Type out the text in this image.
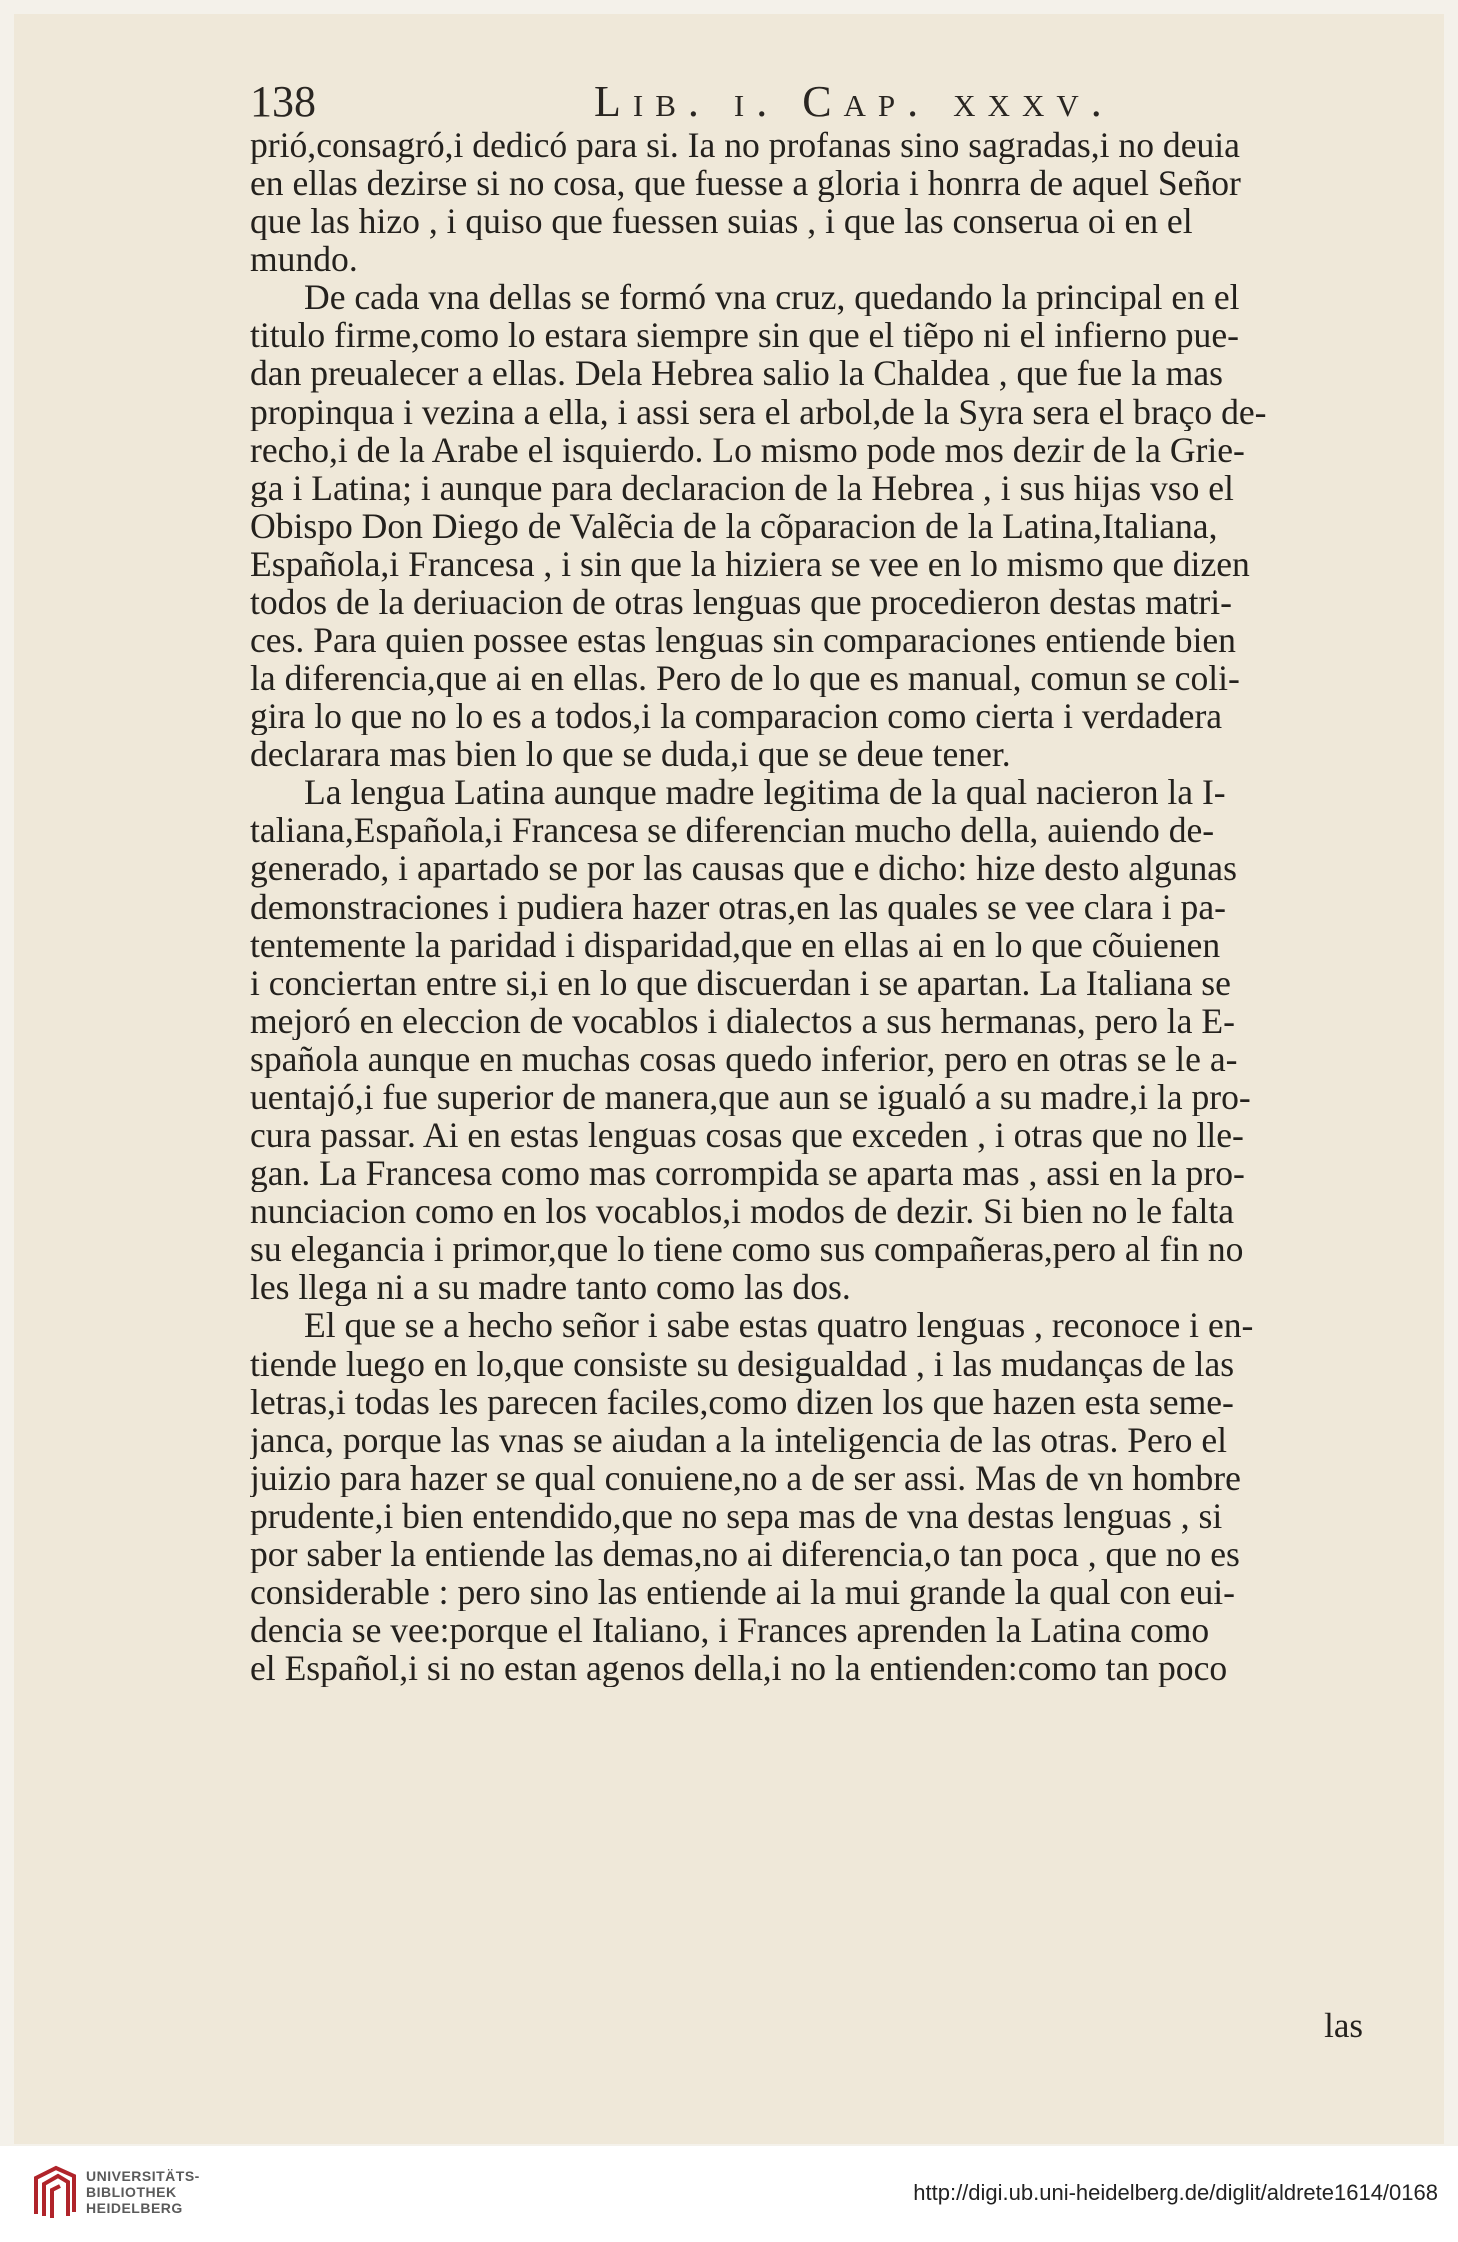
138	Lib. i. Cap. xxxv.
prió,consagró,i dedicó para si. Ia no profanas sino sagradas,i no deuia
en ellas dezirse si no cosa, que fuesse a gloria i honrra de aquel Señor
que las hizo , i quiso que fuessen suias , i que las conserua oi en el
mundo.
De cada vna dellas se formó vna cruz, quedando la principal en el
titulo firme,como lo estara siempre sin que el tiẽpo ni el infierno pue-
dan preualecer a ellas. Dela Hebrea salio la Chaldea , que fue la mas
propinqua i vezina a ella, i assi sera el arbol,de la Syra sera el braço de-
recho,i de la Arabe el isquierdo. Lo mismo pode mos dezir de la Grie-
ga i Latina; i aunque para declaracion de la Hebrea , i sus hijas vso el
Obispo Don Diego de Valẽcia de la cõparacion de la Latina,Italiana,
Española,i Francesa , i sin que la hiziera se vee en lo mismo que dizen
todos de la deriuacion de otras lenguas que procedieron destas matri-
ces. Para quien possee estas lenguas sin comparaciones entiende bien
la diferencia,que ai en ellas. Pero de lo que es manual, comun se coli-
gira lo que no lo es a todos,i la comparacion como cierta i verdadera
declarara mas bien lo que se duda,i que se deue tener.
La lengua Latina aunque madre legitima de la qual nacieron la I-
taliana,Española,i Francesa se diferencian mucho della, auiendo de-
generado, i apartado se por las causas que e dicho: hize desto algunas
demonstraciones i pudiera hazer otras,en las quales se vee clara i pa-
tentemente la paridad i disparidad,que en ellas ai en lo que cõuienen
i conciertan entre si,i en lo que discuerdan i se apartan. La Italiana se
mejoró en eleccion de vocablos i dialectos a sus hermanas, pero la E-
spañola aunque en muchas cosas quedo inferior, pero en otras se le a-
uentajó,i fue superior de manera,que aun se igualó a su madre,i la pro-
cura passar. Ai en estas lenguas cosas que exceden , i otras que no lle-
gan. La Francesa como mas corrompida se aparta mas , assi en la pro-
nunciacion como en los vocablos,i modos de dezir. Si bien no le falta
su elegancia i primor,que lo tiene como sus compañeras,pero al fin no
les llega ni a su madre tanto como las dos.
El que se a hecho señor i sabe estas quatro lenguas , reconoce i en-
tiende luego en lo,que consiste su desigualdad , i las mudanças de las
letras,i todas les parecen faciles,como dizen los que hazen esta seme-
janca, porque las vnas se aiudan a la inteligencia de las otras. Pero el
juizio para hazer se qual conuiene,no a de ser assi. Mas de vn hombre
prudente,i bien entendido,que no sepa mas de vna destas lenguas , si
por saber la entiende las demas,no ai diferencia,o tan poca , que no es
considerable : pero sino las entiende ai la mui grande la qual con eui-
dencia se vee:porque el Italiano, i Frances aprenden la Latina como
el Español,i si no estan agenos della,i no la entienden:como tan poco
las
UNIVERSITÄTS-
BIBLIOTHEK
HEIDELBERG
http://digi.ub.uni-heidelberg.de/diglit/aldrete1614/0168
